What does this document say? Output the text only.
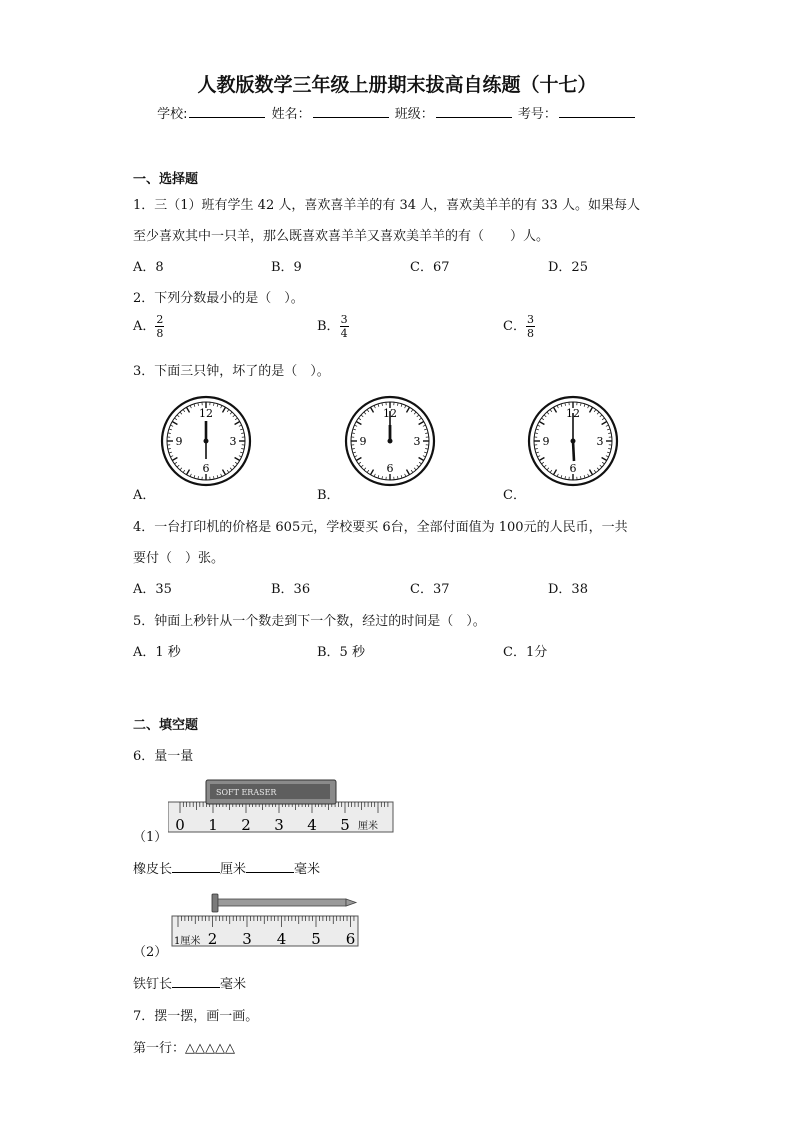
人教版数学三年级上册期末拔高自练题（十七）
学校:	姓名：	班级：	考号：
一、选择题
1．三（1）班有学生 42 人，喜欢喜羊羊的有 34 人，喜欢美羊羊的有 33 人。如果每人
至少喜欢其中一只羊，那么既喜欢喜羊羊又喜欢美羊羊的有（　　）人。
A．8	B．9	C．67	D．25
2．下列分数最小的是（　）。
A． $\frac{2}{8}$	B． $\frac{3}{4}$	C． $\frac{3}{8}$
3．下面三只钟，坏了的是（　）。
12
3
6
9
12
3
6
9
12
3
6
9
A．	B．	C．
4．一台打印机的价格是 605元，学校要买 6台，全部付面值为 100元的人民币，一共
要付（　）张。
A．35	B．36	C．37	D．38
5．钟面上秒针从一个数走到下一个数，经过的时间是（　）。
A．1 秒	B．5 秒	C．1分
二、填空题
6．量一量
0 1 2 3 4 5 厘米
SOFT ERASER
（1）
橡皮长	厘米	毫米
2 3 4 5 6
1厘米
（2）
铁钉长	毫米
7．摆一摆，画一画。
第一行：△△△△△
